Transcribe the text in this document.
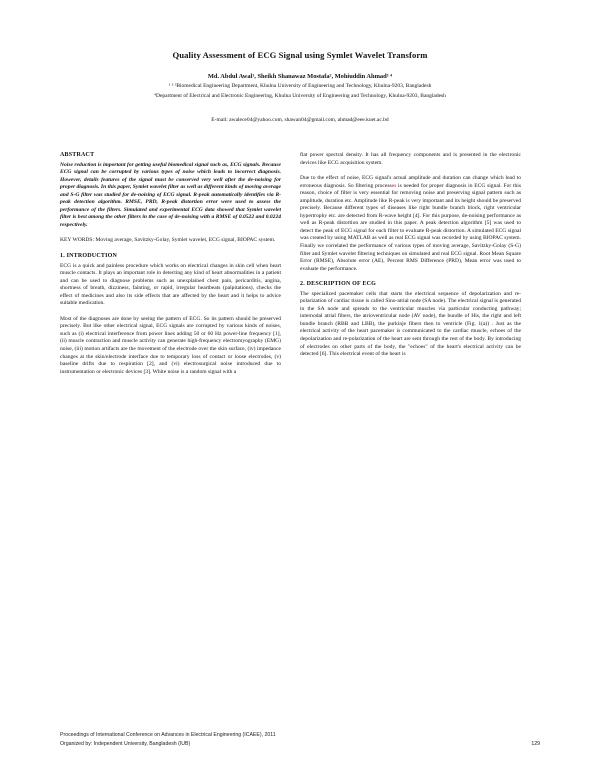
Quality Assessment of ECG Signal using Symlet Wavelet Transform
Md. Abdul Awal¹, Sheikh Shanawaz Mostafa², Mohiuddin Ahmad³ ⁴
¹ ² ³Biomedical Engineering Department, Khulna University of Engineering and Technology, Khulna-9203, Bangladesh
⁴Department of Electrical and Electronic Engineering, Khulna University of Engineering and Technology, Khulna-9203, Bangladesh
E-mail: awalece04@yahoo.com, shawan04@gmail.com, ahmad@eee.kuet.ac.bd
ABSTRACT

Noise reduction is important for getting useful biomedical signal such as, ECG signals. Because ECG signal can be corrupted by various types of noise which leads to incorrect diagnosis. However, details features of the signal must be conserved very well after the de-noising for proper diagnosis. In this paper, Symlet wavelet filter as well as different kinds of moving average and S-G filter was studied for de-noising of ECG signal. R-peak automatically identifies via R-peak detection algorithm. RMSE, PRD, R-peak distortion error were used to assess the performance of the filters. Simulated and experimental ECG data showed that Symlet wavelet filter is best among the other filters in the case of de-noising with a RMSE of 0.0522 and 0.0224 respectively.

KEY WORDS: Moving average, Savitzky-Golay, Symlet wavelet, ECG signal, BIOPAC system.

1. INTRODUCTION

ECG is a quick and painless procedure which works on electrical changes in skin cell when heart muscle contacts. It plays an important role in detecting any kind of heart abnormalities in a patient and can be used to diagnose problems such as unexplained chest pain, pericarditis, angina, shortness of breath, dizziness, fainting, or rapid, irregular heartbeats (palpitations), checks the effect of medicines and also its side effects that are affected by the heart and it helps to advice suitable medication.

Most of the diagnoses are done by seeing the pattern of ECG. So its pattern should be preserved precisely. But like other electrical signal, ECG signals are corrupted by various kinds of noises, such as (i) electrical interference from power lines adding 50 or 60 Hz power-line frequency [1], (ii) muscle contraction and muscle activity can generate high-frequency electromyography (EMG) noise, (iii) motion artifacts are the movement of the electrode over the skin surface, (iv) impedance changes at the skin/electrode interface due to temporary loss of contact or loose electrodes, (v) baseline drifts due to respiration [2], and (vi) electrosurgical noise introduced due to instrumentation or electronic devices [3]. White noise is a random signal with a

flat power spectral density. It has all frequency components and is presented in the electronic devices like ECG acquisition system.

Due to the effect of noise, ECG signal's actual amplitude and duration can change which lead to erroneous diagnosis. So filtering processes is needed for proper diagnosis in ECG signal. For this reason, choice of filter is very essential for removing noise and preserving signal pattern such as amplitude, duration etc. Amplitude like R-peak is very important and its height should be preserved precisely. Because different types of diseases like right bundle branch block, right ventricular hypertrophy etc. are detected from R-wave height [4]. For this purpose, de-noising performance as well as R-peak distortion are studied in this paper. A peak detection algorithm [5] was used to detect the peak of ECG signal for each filter to evaluate R-peak distortion. A simulated ECG signal was created by using MATLAB as well as real ECG signal was recorded by using BIOPAC system. Finally we correlated the performance of various types of moving average, Savitzky-Golay (S-G) filter and Symlet wavelet filtering techniques on simulated and real ECG signal. Root Mean Square Error (RMSE), Absolute error (AE), Percent RMS Difference (PRD), Mean error was used to evaluate the performance.

2. DESCRIPTION OF ECG

The specialized pacemaker cells that starts the electrical sequence of depolarization and re-polarization of cardiac tissue is called Sino-atrial node (SA node). The electrical signal is generated in the SA node and spreads to the ventricular muscles via particular conducting pathway; internodal atrial fibers, the atrioventricular node (AV node), the bundle of His, the right and left bundle branch (RBB and LBB), the purkinje fibers then to ventricle (Fig. 1(a)) . Just as the electrical activity of the heart pacemaker is communicated to the cardiac muscle, echoes of the depolarization and re-polarization of the heart are sent through the rest of the body. By introducing of electrodes on other parts of the body, the "echoes" of the heart's electrical activity can be detected [6]. This electrical event of the heart is

Proceedings of International Conference on Advances in Electrical Engineering (ICAEE), 2011
Organized by: Independent University, Bangladesh (IUB)	129
